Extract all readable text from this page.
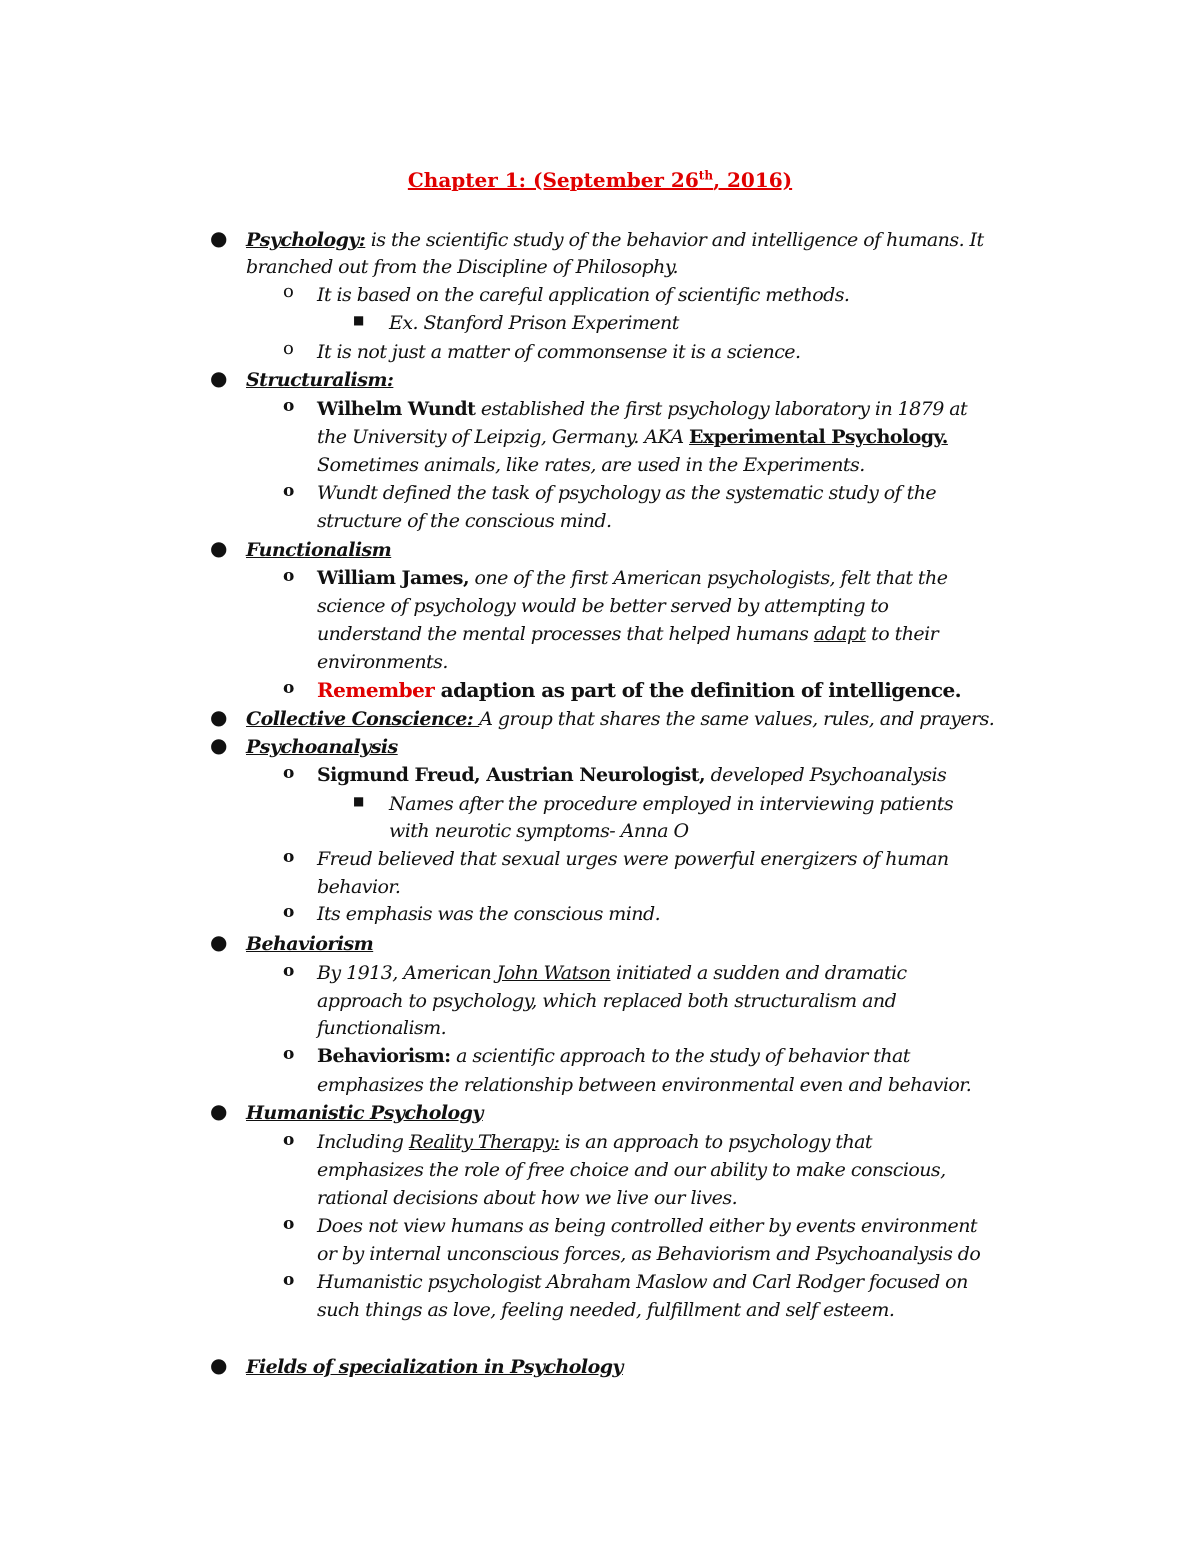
Chapter 1: (September 26th, 2016)
● Psychology: is the scientific study of the behavior and intelligence of humans. It
branched out from the Discipline of Philosophy.
o It is based on the careful application of scientific methods.
■ Ex. Stanford Prison Experiment
o It is not just a matter of commonsense it is a science.
● Structuralism:
o Wilhelm Wundt established the first psychology laboratory in 1879 at
the University of Leipzig, Germany. AKA Experimental Psychology.
Sometimes animals, like rates, are used in the Experiments.
o Wundt defined the task of psychology as the systematic study of the
structure of the conscious mind.
● Functionalism
o William James, one of the first American psychologists, felt that the
science of psychology would be better served by attempting to
understand the mental processes that helped humans adapt to their
environments.
o Remember adaption as part of the definition of intelligence.
● Collective Conscience: A group that shares the same values, rules, and prayers.
● Psychoanalysis
o Sigmund Freud, Austrian Neurologist, developed Psychoanalysis
■ Names after the procedure employed in interviewing patients
with neurotic symptoms- Anna O
o Freud believed that sexual urges were powerful energizers of human
behavior.
o Its emphasis was the conscious mind.
● Behaviorism
o By 1913, American John Watson initiated a sudden and dramatic
approach to psychology, which replaced both structuralism and
functionalism.
o Behaviorism: a scientific approach to the study of behavior that
emphasizes the relationship between environmental even and behavior.
● Humanistic Psychology
o Including Reality Therapy: is an approach to psychology that
emphasizes the role of free choice and our ability to make conscious,
rational decisions about how we live our lives.
o Does not view humans as being controlled either by events environment
or by internal unconscious forces, as Behaviorism and Psychoanalysis do
o Humanistic psychologist Abraham Maslow and Carl Rodger focused on
such things as love, feeling needed, fulfillment and self esteem.
● Fields of specialization in Psychology
